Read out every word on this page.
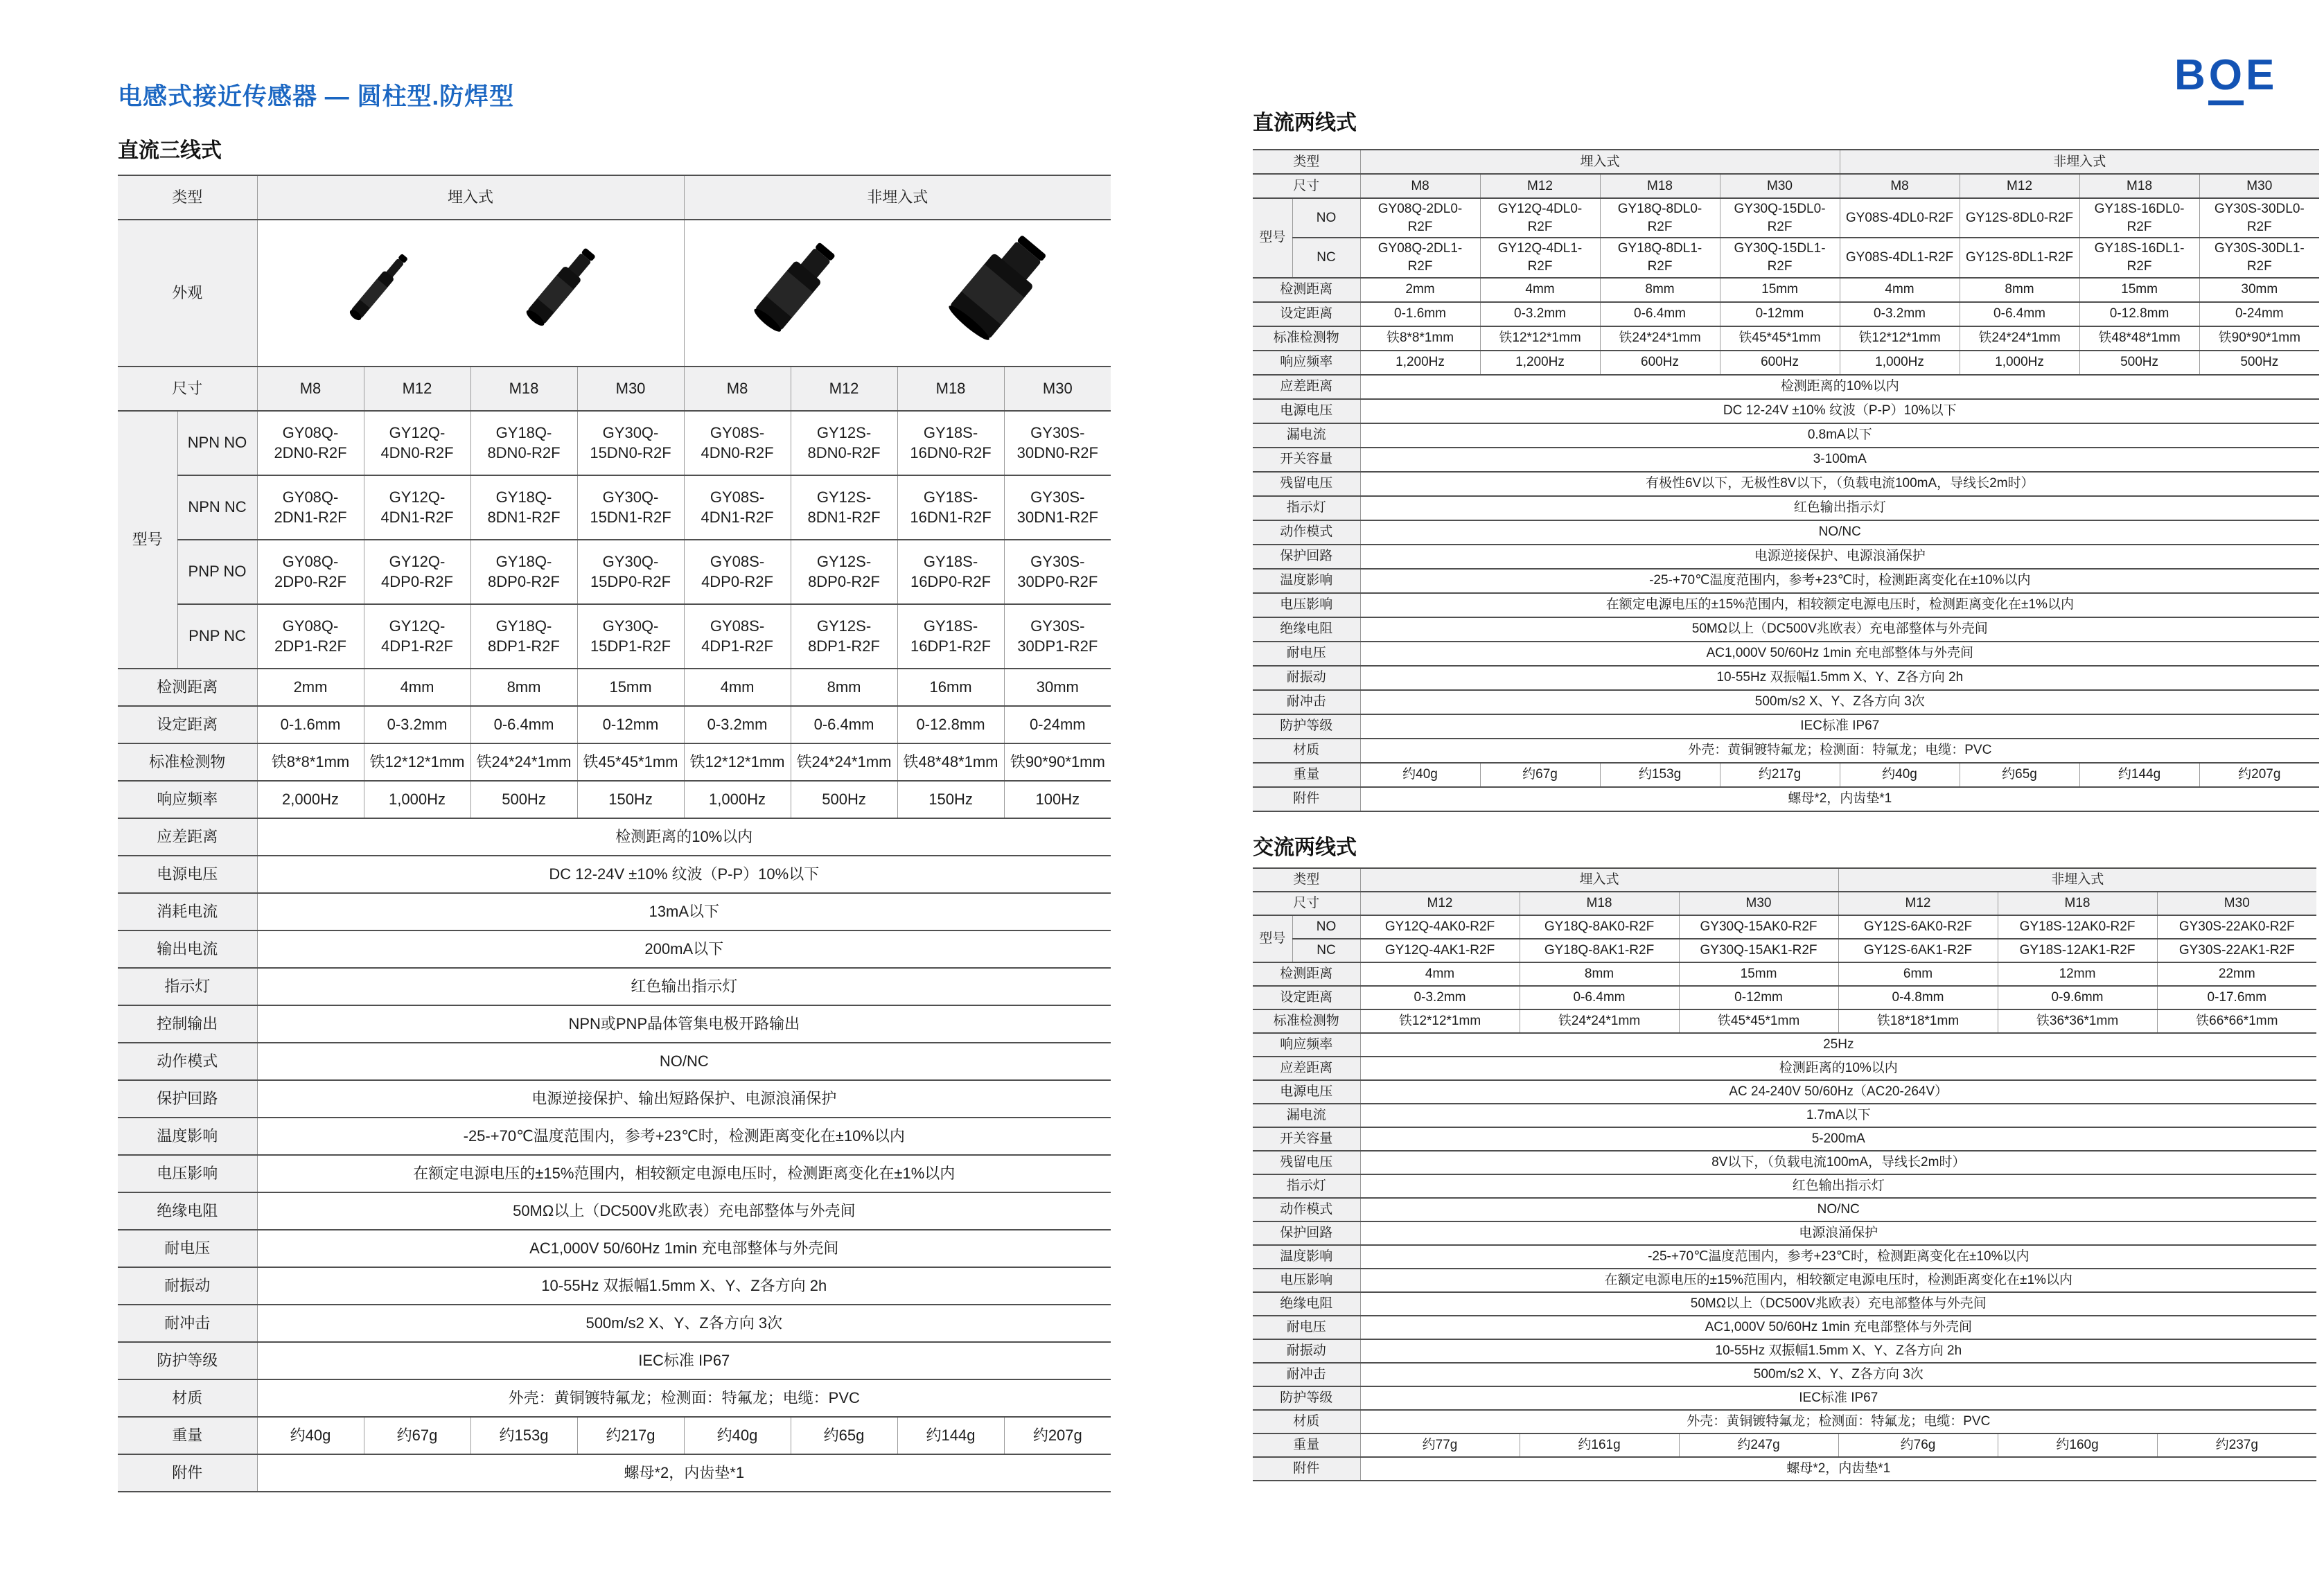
电感式接近传感器 — 圆柱型.防焊型	BOE
直流三线式
类型		埋入式				非埋入式			
外观		
尺寸		M8	M12	M18	M30	M8	M12	M18	M30
型号	NPN NO	GY08Q-2DN0-R2F	GY12Q-4DN0-R2F	GY18Q-8DN0-R2F	GY30Q-15DN0-R2F	GY08S-4DN0-R2F	GY12S-8DN0-R2F	GY18S-16DN0-R2F	GY30S-30DN0-R2F
	NPN NC	GY08Q-2DN1-R2F	GY12Q-4DN1-R2F	GY18Q-8DN1-R2F	GY30Q-15DN1-R2F	GY08S-4DN1-R2F	GY12S-8DN1-R2F	GY18S-16DN1-R2F	GY30S-30DN1-R2F
	PNP NO	GY08Q-2DP0-R2F	GY12Q-4DP0-R2F	GY18Q-8DP0-R2F	GY30Q-15DP0-R2F	GY08S-4DP0-R2F	GY12S-8DP0-R2F	GY18S-16DP0-R2F	GY30S-30DP0-R2F
	PNP NC	GY08Q-2DP1-R2F	GY12Q-4DP1-R2F	GY18Q-8DP1-R2F	GY30Q-15DP1-R2F	GY08S-4DP1-R2F	GY12S-8DP1-R2F	GY18S-16DP1-R2F	GY30S-30DP1-R2F
检测距离		2mm	4mm	8mm	15mm	4mm	8mm	16mm	30mm
设定距离		0-1.6mm	0-3.2mm	0-6.4mm	0-12mm	0-3.2mm	0-6.4mm	0-12.8mm	0-24mm
标准检测物		铁8*8*1mm	铁12*12*1mm	铁24*24*1mm	铁45*45*1mm	铁12*12*1mm	铁24*24*1mm	铁48*48*1mm	铁90*90*1mm
响应频率		2,000Hz	1,000Hz	500Hz	150Hz	1,000Hz	500Hz	150Hz	100Hz
应差距离		检测距离的10%以内							
电源电压		DC 12-24V ±10% 纹波（P-P）10%以下							
消耗电流		13mA以下							
输出电流		200mA以下							
指示灯		红色输出指示灯							
控制输出		NPN或PNP晶体管集电极开路输出							
动作模式		NO/NC							
保护回路		电源逆接保护、输出短路保护、电源浪涌保护							
温度影响		-25-+70℃温度范围内，参考+23℃时，检测距离变化在±10%以内							
电压影响		在额定电源电压的±15%范围内，相较额定电源电压时，检测距离变化在±1%以内							
绝缘电阻		50MΩ以上（DC500V兆欧表）充电部整体与外壳间							
耐电压		AC1,000V 50/60Hz 1min 充电部整体与外壳间							
耐振动		10-55Hz 双振幅1.5mm X、Y、Z各方向 2h							
耐冲击		500m/s2 X、Y、Z各方向 3次							
防护等级		IEC标准 IP67							
材质		外壳：黄铜镀特氟龙；检测面：特氟龙；电缆：PVC							
重量		约40g	约67g	约153g	约217g	约40g	约65g	约144g	约207g
附件		螺母*2，内齿垫*1							
直流两线式
类型		埋入式				非埋入式			
尺寸		M8	M12	M18	M30	M8	M12	M18	M30
型号	NO	GY08Q-2DL0-R2F	GY12Q-4DL0-R2F	GY18Q-8DL0-R2F	GY30Q-15DL0-R2F	GY08S-4DL0-R2F	GY12S-8DL0-R2F	GY18S-16DL0-R2F	GY30S-30DL0-R2F
	NC	GY08Q-2DL1-R2F	GY12Q-4DL1-R2F	GY18Q-8DL1-R2F	GY30Q-15DL1-R2F	GY08S-4DL1-R2F	GY12S-8DL1-R2F	GY18S-16DL1-R2F	GY30S-30DL1-R2F
检测距离		2mm	4mm	8mm	15mm	4mm	8mm	15mm	30mm
设定距离		0-1.6mm	0-3.2mm	0-6.4mm	0-12mm	0-3.2mm	0-6.4mm	0-12.8mm	0-24mm
标准检测物		铁8*8*1mm	铁12*12*1mm	铁24*24*1mm	铁45*45*1mm	铁12*12*1mm	铁24*24*1mm	铁48*48*1mm	铁90*90*1mm
响应频率		1,200Hz	1,200Hz	600Hz	600Hz	1,000Hz	1,000Hz	500Hz	500Hz
应差距离		检测距离的10%以内							
电源电压		DC 12-24V ±10% 纹波（P-P）10%以下							
漏电流		0.8mA以下							
开关容量		3-100mA							
残留电压		有极性6V以下，无极性8V以下，（负载电流100mA，导线长2m时）							
指示灯		红色输出指示灯							
动作模式		NO/NC							
保护回路		电源逆接保护、电源浪涌保护							
温度影响		-25-+70℃温度范围内，参考+23℃时，检测距离变化在±10%以内							
电压影响		在额定电源电压的±15%范围内，相较额定电源电压时，检测距离变化在±1%以内							
绝缘电阻		50MΩ以上（DC500V兆欧表）充电部整体与外壳间							
耐电压		AC1,000V 50/60Hz 1min 充电部整体与外壳间							
耐振动		10-55Hz 双振幅1.5mm X、Y、Z各方向 2h							
耐冲击		500m/s2 X、Y、Z各方向 3次							
防护等级		IEC标准 IP67							
材质		外壳：黄铜镀特氟龙；检测面：特氟龙；电缆：PVC							
重量		约40g	约67g	约153g	约217g	约40g	约65g	约144g	约207g
附件		螺母*2，内齿垫*1							
交流两线式
类型		埋入式			非埋入式		
尺寸		M12	M18	M30	M12	M18	M30
型号	NO	GY12Q-4AK0-R2F	GY18Q-8AK0-R2F	GY30Q-15AK0-R2F	GY12S-6AK0-R2F	GY18S-12AK0-R2F	GY30S-22AK0-R2F
	NC	GY12Q-4AK1-R2F	GY18Q-8AK1-R2F	GY30Q-15AK1-R2F	GY12S-6AK1-R2F	GY18S-12AK1-R2F	GY30S-22AK1-R2F
检测距离		4mm	8mm	15mm	6mm	12mm	22mm
设定距离		0-3.2mm	0-6.4mm	0-12mm	0-4.8mm	0-9.6mm	0-17.6mm
标准检测物		铁12*12*1mm	铁24*24*1mm	铁45*45*1mm	铁18*18*1mm	铁36*36*1mm	铁66*66*1mm
响应频率		25Hz					
应差距离		检测距离的10%以内					
电源电压		AC 24-240V 50/60Hz（AC20-264V）					
漏电流		1.7mA以下					
开关容量		5-200mA					
残留电压		8V以下，（负载电流100mA，导线长2m时）					
指示灯		红色输出指示灯					
动作模式		NO/NC					
保护回路		电源浪涌保护					
温度影响		-25-+70℃温度范围内，参考+23℃时，检测距离变化在±10%以内					
电压影响		在额定电源电压的±15%范围内，相较额定电源电压时，检测距离变化在±1%以内					
绝缘电阻		50MΩ以上（DC500V兆欧表）充电部整体与外壳间					
耐电压		AC1,000V 50/60Hz 1min 充电部整体与外壳间					
耐振动		10-55Hz 双振幅1.5mm X、Y、Z各方向 2h					
耐冲击		500m/s2 X、Y、Z各方向 3次					
防护等级		IEC标准 IP67					
材质		外壳：黄铜镀特氟龙；检测面：特氟龙；电缆：PVC					
重量		约77g	约161g	约247g	约76g	约160g	约237g
附件		螺母*2，内齿垫*1					
